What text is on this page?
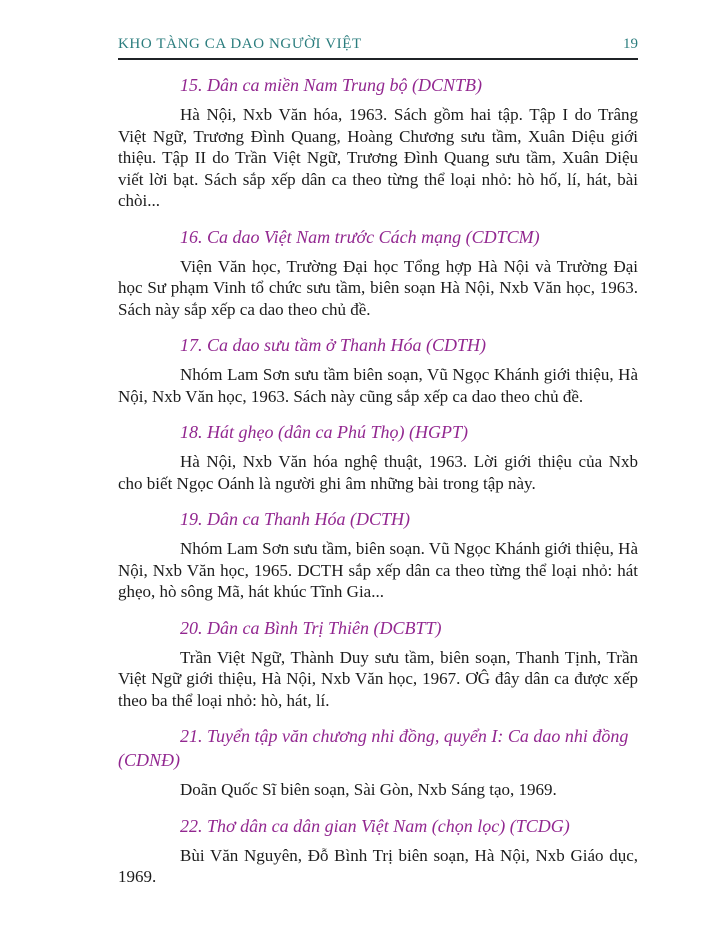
KHO TÀNG CA DAO NGƯỜI VIỆT	19
15. Dân ca miền Nam Trung bộ (DCNTB)

Hà Nội, Nxb Văn hóa, 1963. Sách gồm hai tập. Tập I do Trâng Việt Ngữ, Trương Đình Quang, Hoàng Chương sưu tầm, Xuân Diệu giới thiệu. Tập II do Trần Việt Ngữ, Trương Đình Quang sưu tầm, Xuân Diệu viết lời bạt. Sách sắp xếp dân ca theo từng thể loại nhỏ: hò hố, lí, hát, bài chòi...

16. Ca dao Việt Nam trước Cách mạng (CDTCM)

Viện Văn học, Trường Đại học Tổng hợp Hà Nội và Trường Đại học Sư phạm Vinh tổ chức sưu tầm, biên soạn Hà Nội, Nxb Văn học, 1963. Sách này sắp xếp ca dao theo chủ đề.

17. Ca dao sưu tầm ở Thanh Hóa (CDTH)

Nhóm Lam Sơn sưu tầm biên soạn, Vũ Ngọc Khánh giới thiệu, Hà Nội, Nxb Văn học, 1963. Sách này cũng sắp xếp ca dao theo chủ đề.

18. Hát ghẹo (dân ca Phú Thọ) (HGPT)

Hà Nội, Nxb Văn hóa nghệ thuật, 1963. Lời giới thiệu của Nxb cho biết Ngọc Oánh là người ghi âm những bài trong tập này.

19. Dân ca Thanh Hóa (DCTH)

Nhóm Lam Sơn sưu tầm, biên soạn. Vũ Ngọc Khánh giới thiệu, Hà Nội, Nxb Văn học, 1965. DCTH sắp xếp dân ca theo từng thể loại nhỏ: hát ghẹo, hò sông Mã, hát khúc Tĩnh Gia...

20. Dân ca Bình Trị Thiên (DCBTT)

Trần Việt Ngữ, Thành Duy sưu tầm, biên soạn, Thanh Tịnh, Trần Việt Ngữ giới thiệu, Hà Nội, Nxb Văn học, 1967. ƠĜ đây dân ca được xếp theo ba thể loại nhỏ: hò, hát, lí.

21. Tuyển tập văn chương nhi đồng, quyển I: Ca dao nhi đồng (CDNĐ)

Doãn Quốc Sĩ biên soạn, Sài Gòn, Nxb Sáng tạo, 1969.

22. Thơ dân ca dân gian Việt Nam (chọn lọc) (TCDG)

Bùi Văn Nguyên, Đỗ Bình Trị biên soạn, Hà Nội, Nxb Giáo dục, 1969.
